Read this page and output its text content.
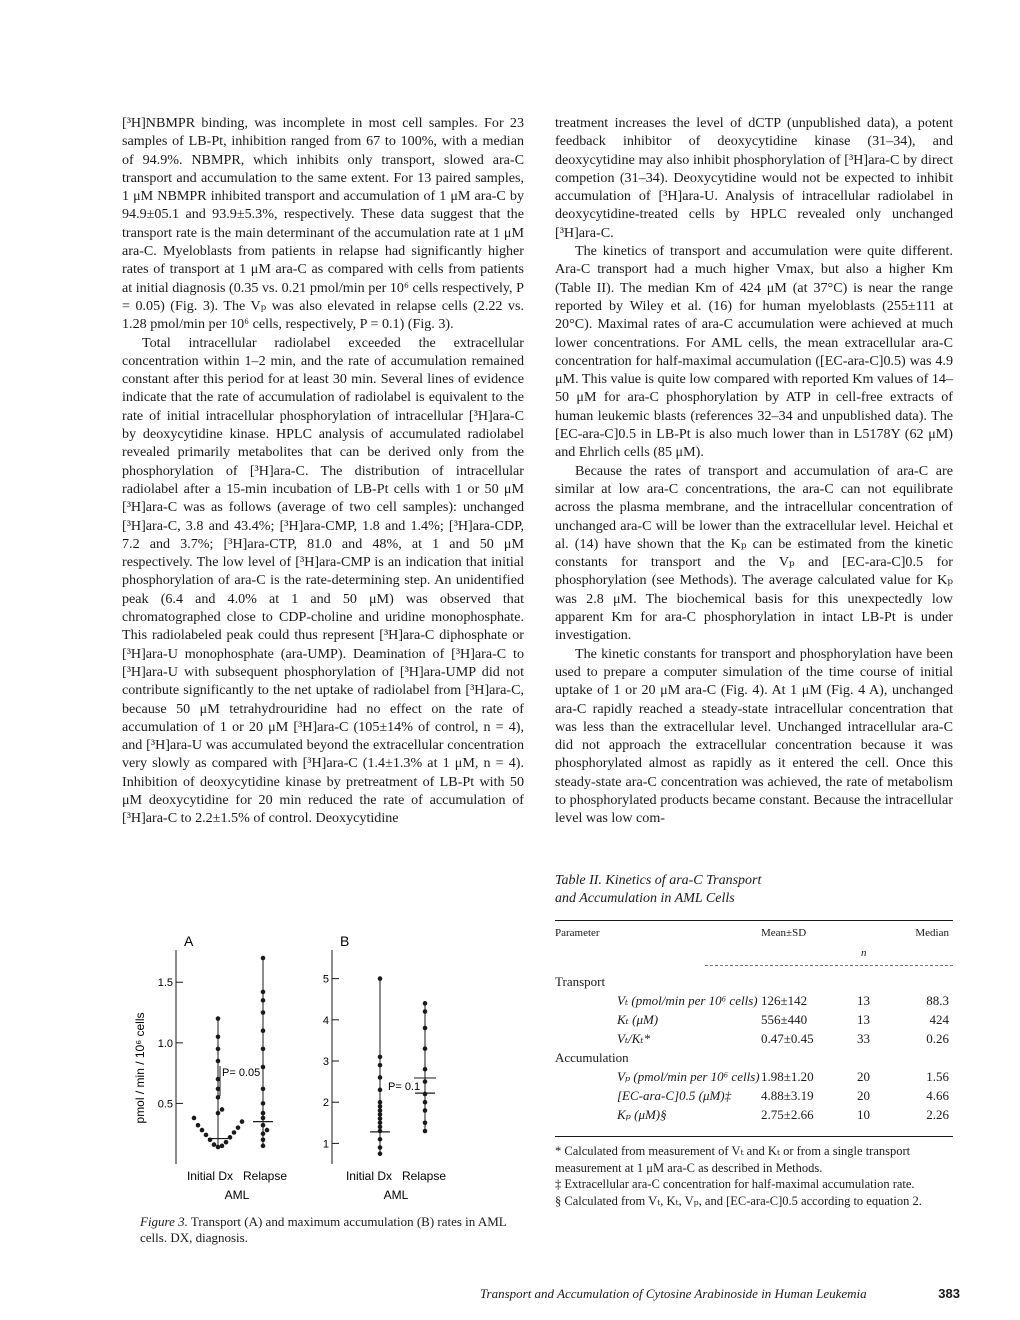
[³H]NBMPR binding, was incomplete in most cell samples. For 23 samples of LB-Pt, inhibition ranged from 67 to 100%, with a median of 94.9%. NBMPR, which inhibits only transport, slowed ara-C transport and accumulation to the same extent. For 13 paired samples, 1 μM NBMPR inhibited transport and accumulation of 1 μM ara-C by 94.9±05.1 and 93.9±5.3%, respectively. These data suggest that the transport rate is the main determinant of the accumulation rate at 1 μM ara-C. Myeloblasts from patients in relapse had significantly higher rates of transport at 1 μM ara-C as compared with cells from patients at initial diagnosis (0.35 vs. 0.21 pmol/min per 10⁶ cells respectively, P = 0.05) (Fig. 3). The Vₚ was also elevated in relapse cells (2.22 vs. 1.28 pmol/min per 10⁶ cells, respectively, P = 0.1) (Fig. 3).

Total intracellular radiolabel exceeded the extracellular concentration within 1–2 min, and the rate of accumulation remained constant after this period for at least 30 min. Several lines of evidence indicate that the rate of accumulation of radiolabel is equivalent to the rate of initial intracellular phosphorylation of intracellular [³H]ara-C by deoxycytidine kinase. HPLC analysis of accumulated radiolabel revealed primarily metabolites that can be derived only from the phosphorylation of [³H]ara-C. The distribution of intracellular radiolabel after a 15-min incubation of LB-Pt cells with 1 or 50 μM [³H]ara-C was as follows (average of two cell samples): unchanged [³H]ara-C, 3.8 and 43.4%; [³H]ara-CMP, 1.8 and 1.4%; [³H]ara-CDP, 7.2 and 3.7%; [³H]ara-CTP, 81.0 and 48%, at 1 and 50 μM respectively. The low level of [³H]ara-CMP is an indication that initial phosphorylation of ara-C is the rate-determining step. An unidentified peak (6.4 and 4.0% at 1 and 50 μM) was observed that chromatographed close to CDP-choline and uridine monophosphate. This radiolabeled peak could thus represent [³H]ara-C diphosphate or [³H]ara-U monophosphate (ara-UMP). Deamination of [³H]ara-C to [³H]ara-U with subsequent phosphorylation of [³H]ara-UMP did not contribute significantly to the net uptake of radiolabel from [³H]ara-C, because 50 μM tetrahydrouridine had no effect on the rate of accumulation of 1 or 20 μM [³H]ara-C (105±14% of control, n = 4), and [³H]ara-U was accumulated beyond the extracellular concentration very slowly as compared with [³H]ara-C (1.4±1.3% at 1 μM, n = 4). Inhibition of deoxycytidine kinase by pretreatment of LB-Pt with 50 μM deoxycytidine for 20 min reduced the rate of accumulation of [³H]ara-C to 2.2±1.5% of control. Deoxycytidine

treatment increases the level of dCTP (unpublished data), a potent feedback inhibitor of deoxycytidine kinase (31–34), and deoxycytidine may also inhibit phosphorylation of [³H]ara-C by direct competion (31–34). Deoxycytidine would not be expected to inhibit accumulation of [³H]ara-U. Analysis of intracellular radiolabel in deoxycytidine-treated cells by HPLC revealed only unchanged [³H]ara-C.

The kinetics of transport and accumulation were quite different. Ara-C transport had a much higher Vmax, but also a higher Km (Table II). The median Km of 424 μM (at 37°C) is near the range reported by Wiley et al. (16) for human myeloblasts (255±111 at 20°C). Maximal rates of ara-C accumulation were achieved at much lower concentrations. For AML cells, the mean extracellular ara-C concentration for half-maximal accumulation ([EC-ara-C]0.5) was 4.9 μM. This value is quite low compared with reported Km values of 14–50 μM for ara-C phosphorylation by ATP in cell-free extracts of human leukemic blasts (references 32–34 and unpublished data). The [EC-ara-C]0.5 in LB-Pt is also much lower than in L5178Y (62 μM) and Ehrlich cells (85 μM).

Because the rates of transport and accumulation of ara-C are similar at low ara-C concentrations, the ara-C can not equilibrate across the plasma membrane, and the intracellular concentration of unchanged ara-C will be lower than the extracellular level. Heichal et al. (14) have shown that the Kₚ can be estimated from the kinetic constants for transport and the Vₚ and [EC-ara-C]0.5 for phosphorylation (see Methods). The average calculated value for Kₚ was 2.8 μM. The biochemical basis for this unexpectedly low apparent Km for ara-C phosphorylation in intact LB-Pt is under investigation.

The kinetic constants for transport and phosphorylation have been used to prepare a computer simulation of the time course of initial uptake of 1 or 20 μM ara-C (Fig. 4). At 1 μM (Fig. 4 A), unchanged ara-C rapidly reached a steady-state intracellular concentration that was less than the extracellular level. Unchanged intracellular ara-C did not approach the extracellular concentration because it was phosphorylated almost as rapidly as it entered the cell. Once this steady-state ara-C concentration was achieved, the rate of metabolism to phosphorylated products became constant. Because the intracellular level was low com-

A	B
pmol / min / 10⁶ cells
1.5
1.0
0.5
P= 0.05
5
4
3
2
1
P= 0.1
Initial Dx   Relapse
AML
Initial Dx   Relapse
AML
Figure 3. Transport (A) and maximum accumulation (B) rates in AML cells. DX, diagnosis.
Table II. Kinetics of ara-C Transport
and Accumulation in AML Cells
Parameter	Mean±SD	Median
n
Transport
Vₜ (pmol/min per 10⁶ cells) 126±142	13	88.3
Kₜ (μM)	556±440	13	424
Vₜ/Kₜ*	0.47±0.45	33	0.26
Accumulation
Vₚ (pmol/min per 10⁶ cells) 1.98±1.20	20	1.56
[EC-ara-C]0.5 (μM)‡ 4.88±3.19	20	4.66
Kₚ (μM)§	2.75±2.66	10	2.26

* Calculated from measurement of Vₜ and Kₜ or from a single transport measurement at 1 μM ara-C as described in Methods.

‡ Extracellular ara-C concentration for half-maximal accumulation rate.

§ Calculated from Vₜ, Kₜ, Vₚ, and [EC-ara-C]0.5 according to equation 2.

Transport and Accumulation of Cytosine Arabinoside in Human Leukemia	383
